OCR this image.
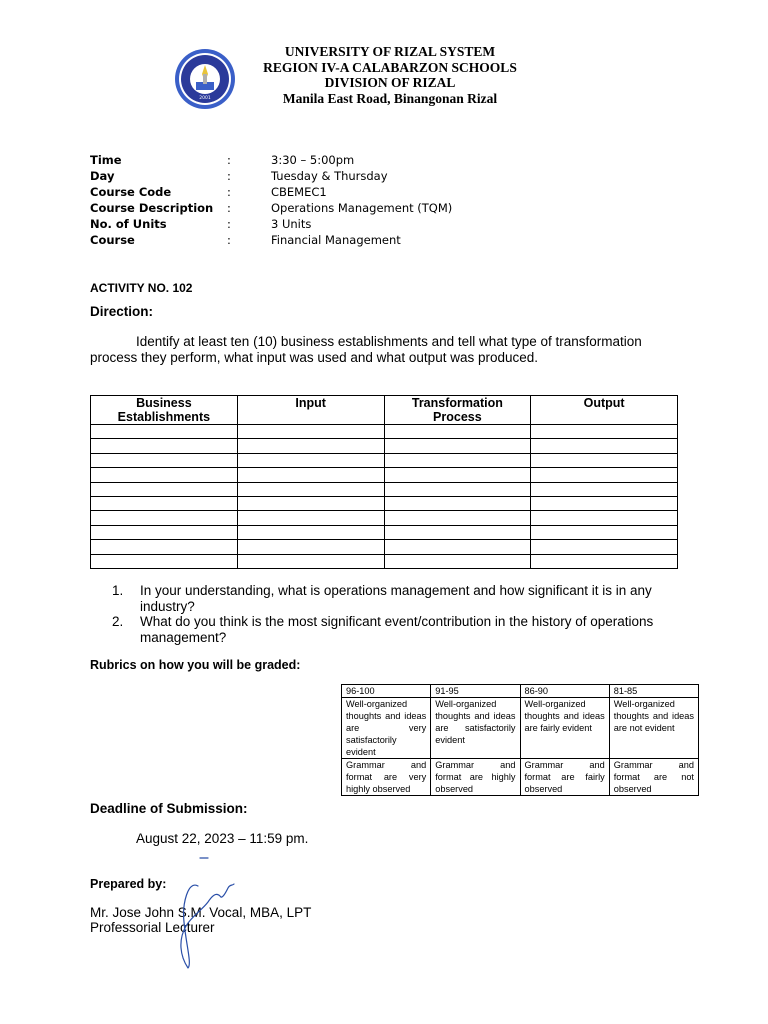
2001
UNIVERSITY OF RIZAL SYSTEM
REGION IV-A CALABARZON SCHOOLS
DIVISION OF RIZAL
Manila East Road, Binangonan Rizal
Time	:	3:30 – 5:00pm
Day	:	Tuesday & Thursday
Course Code	:	CBEMEC1
Course Description	:	Operations Management (TQM)
No. of Units	:	3 Units
Course	:	Financial Management
ACTIVITY NO. 102
Direction:
Identify at least ten (10) business establishments and tell what type of transformation process they perform, what input was used and what output was produced.
Business Establishments	Input	Transformation Process	Output

1.	In your understanding, what is operations management and how significant it is in any industry?
2.	What do you think is the most significant event/contribution in the history of operations management?
Rubrics on how you will be graded:
96-100	91-95	86-90	81-85
Well-organized thoughts and ideas are very satisfactorily evident	Well-organized thoughts and ideas are satisfactorily evident	Well-organized thoughts and ideas are fairly evident	Well-organized thoughts and ideas are not evident
Grammar and format are very highly observed	Grammar and format are highly observed	Grammar and format are fairly observed	Grammar and format are not observed
Deadline of Submission:
August 22, 2023 – 11:59 pm.
Prepared by:
Mr. Jose John S.M. Vocal, MBA, LPT
Professorial Lecturer
